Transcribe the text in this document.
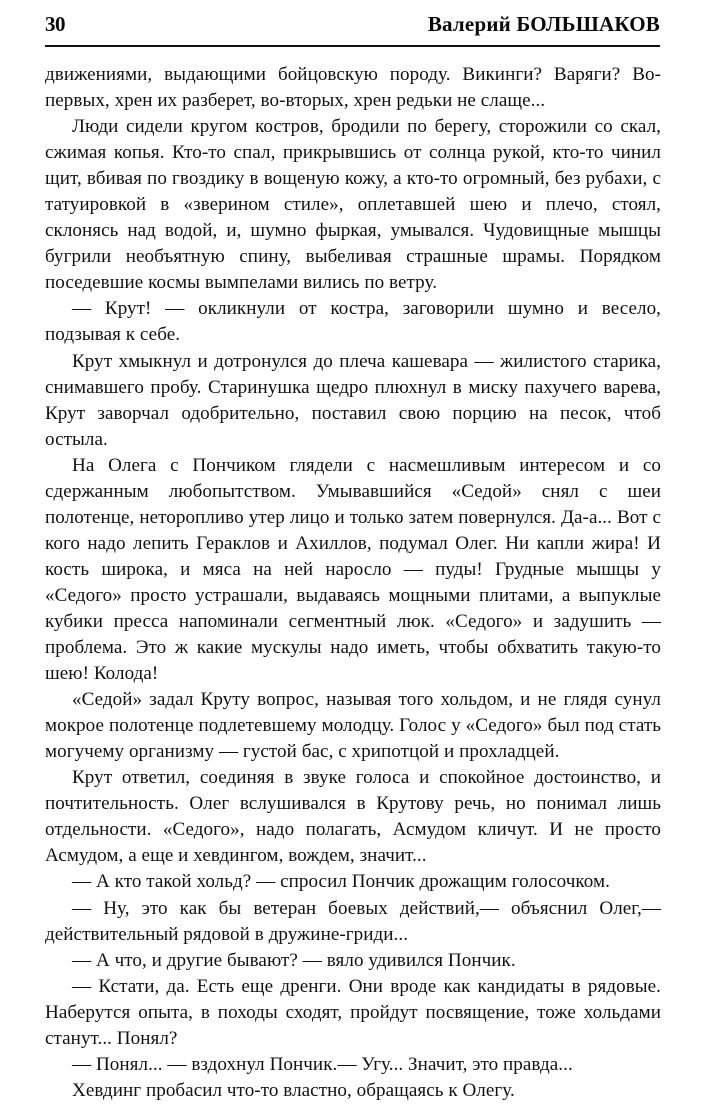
30	Валерий БОЛЬШАКОВ

движениями, выдающими бойцовскую породу. Викинги? Варяги? Во-первых, хрен их разберет, во-вторых, хрен редьки не слаще...

Люди сидели кругом костров, бродили по берегу, сторожили со скал, сжимая копья. Кто-то спал, прикрывшись от солнца рукой, кто-то чинил щит, вбивая по гвоздику в вощеную кожу, а кто-то огромный, без рубахи, с татуировкой в «зверином стиле», оплетавшей шею и плечо, стоял, склонясь над водой, и, шумно фыркая, умывался. Чудовищные мышцы бугрили необъятную спину, выбеливая страшные шрамы. Порядком поседевшие космы вымпелами вились по ветру.

— Крут! — окликнули от костра, заговорили шумно и весело, подзывая к себе.

Крут хмыкнул и дотронулся до плеча кашевара — жилистого старика, снимавшего пробу. Старинушка щедро плюхнул в миску пахучего варева, Крут заворчал одобрительно, поставил свою порцию на песок, чтоб остыла.

На Олега с Пончиком глядели с насмешливым интересом и со сдержанным любопытством. Умывавшийся «Седой» снял с шеи полотенце, неторопливо утер лицо и только затем повернулся. Да-а... Вот с кого надо лепить Гераклов и Ахиллов, подумал Олег. Ни капли жира! И кость широка, и мяса на ней наросло — пуды! Грудные мышцы у «Седого» просто устрашали, выдаваясь мощными плитами, а выпуклые кубики пресса напоминали сегментный люк. «Седого» и задушить — проблема. Это ж какие мускулы надо иметь, чтобы обхватить такую-то шею! Колода!

«Седой» задал Круту вопрос, называя того хольдом, и не глядя сунул мокрое полотенце подлетевшему молодцу. Голос у «Седого» был под стать могучему организму — густой бас, с хрипотцой и прохладцей.

Крут ответил, соединяя в звуке голоса и спокойное достоинство, и почтительность. Олег вслушивался в Крутову речь, но понимал лишь отдельности. «Седого», надо полагать, Асмудом кличут. И не просто Асмудом, а еще и хевдингом, вождем, значит...

— А кто такой хольд? — спросил Пончик дрожащим голосочком.

— Ну, это как бы ветеран боевых действий,— объяснил Олег,— действительный рядовой в дружине-гриди...

— А что, и другие бывают? — вяло удивился Пончик.

— Кстати, да. Есть еще дренги. Они вроде как кандидаты в рядовые. Наберутся опыта, в походы сходят, пройдут посвящение, тоже хольдами станут... Понял?

— Понял... — вздохнул Пончик.— Угу... Значит, это правда...

Хевдинг пробасил что-то властно, обращаясь к Олегу.
